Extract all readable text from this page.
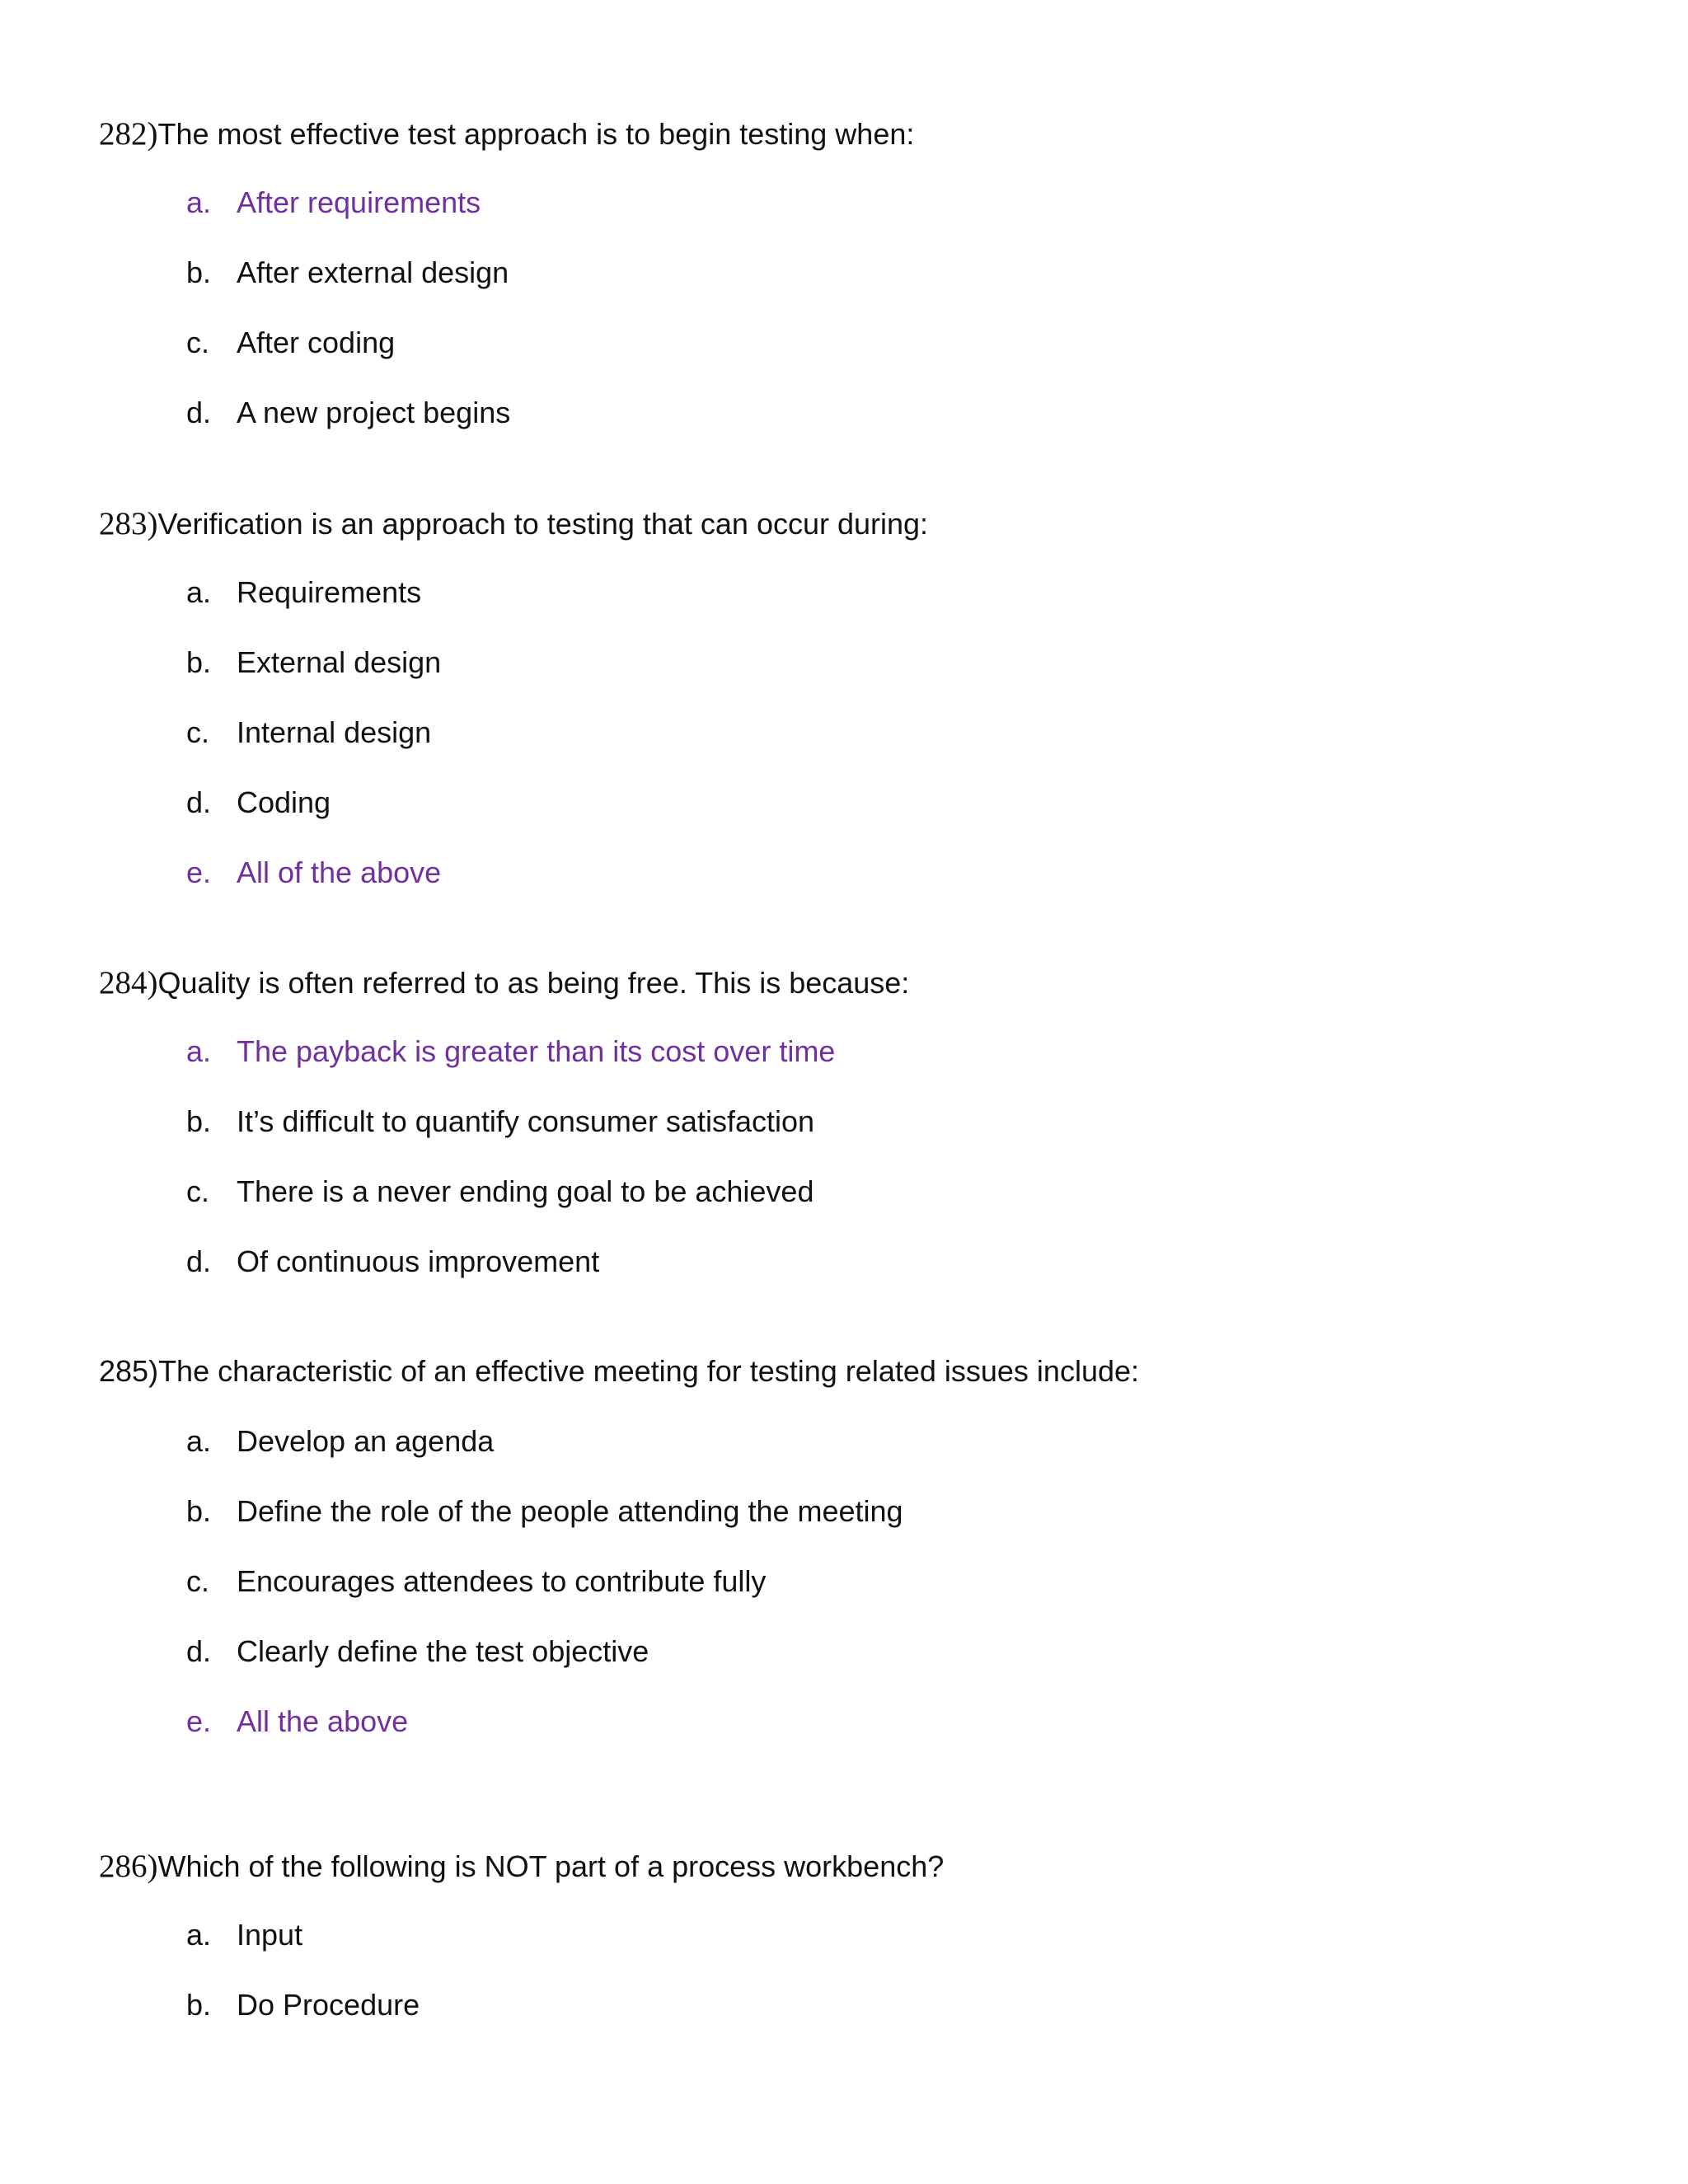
282) The most effective test approach is to begin testing when:
a. After requirements
b. After external design
c. After coding
d. A new project begins
283) Verification is an approach to testing that can occur during:
a. Requirements
b. External design
c. Internal design
d. Coding
e. All of the above
284) Quality is often referred to as being free. This is because:
a. The payback is greater than its cost over time
b. It’s difficult to quantify consumer satisfaction
c. There is a never ending goal to be achieved
d. Of continuous improvement
285) The characteristic of an effective meeting for testing related issues include:
a. Develop an agenda
b. Define the role of the people attending the meeting
c. Encourages attendees to contribute fully
d. Clearly define the test objective
e. All the above
286) Which of the following is NOT part of a process workbench?
a. Input
b. Do Procedure
